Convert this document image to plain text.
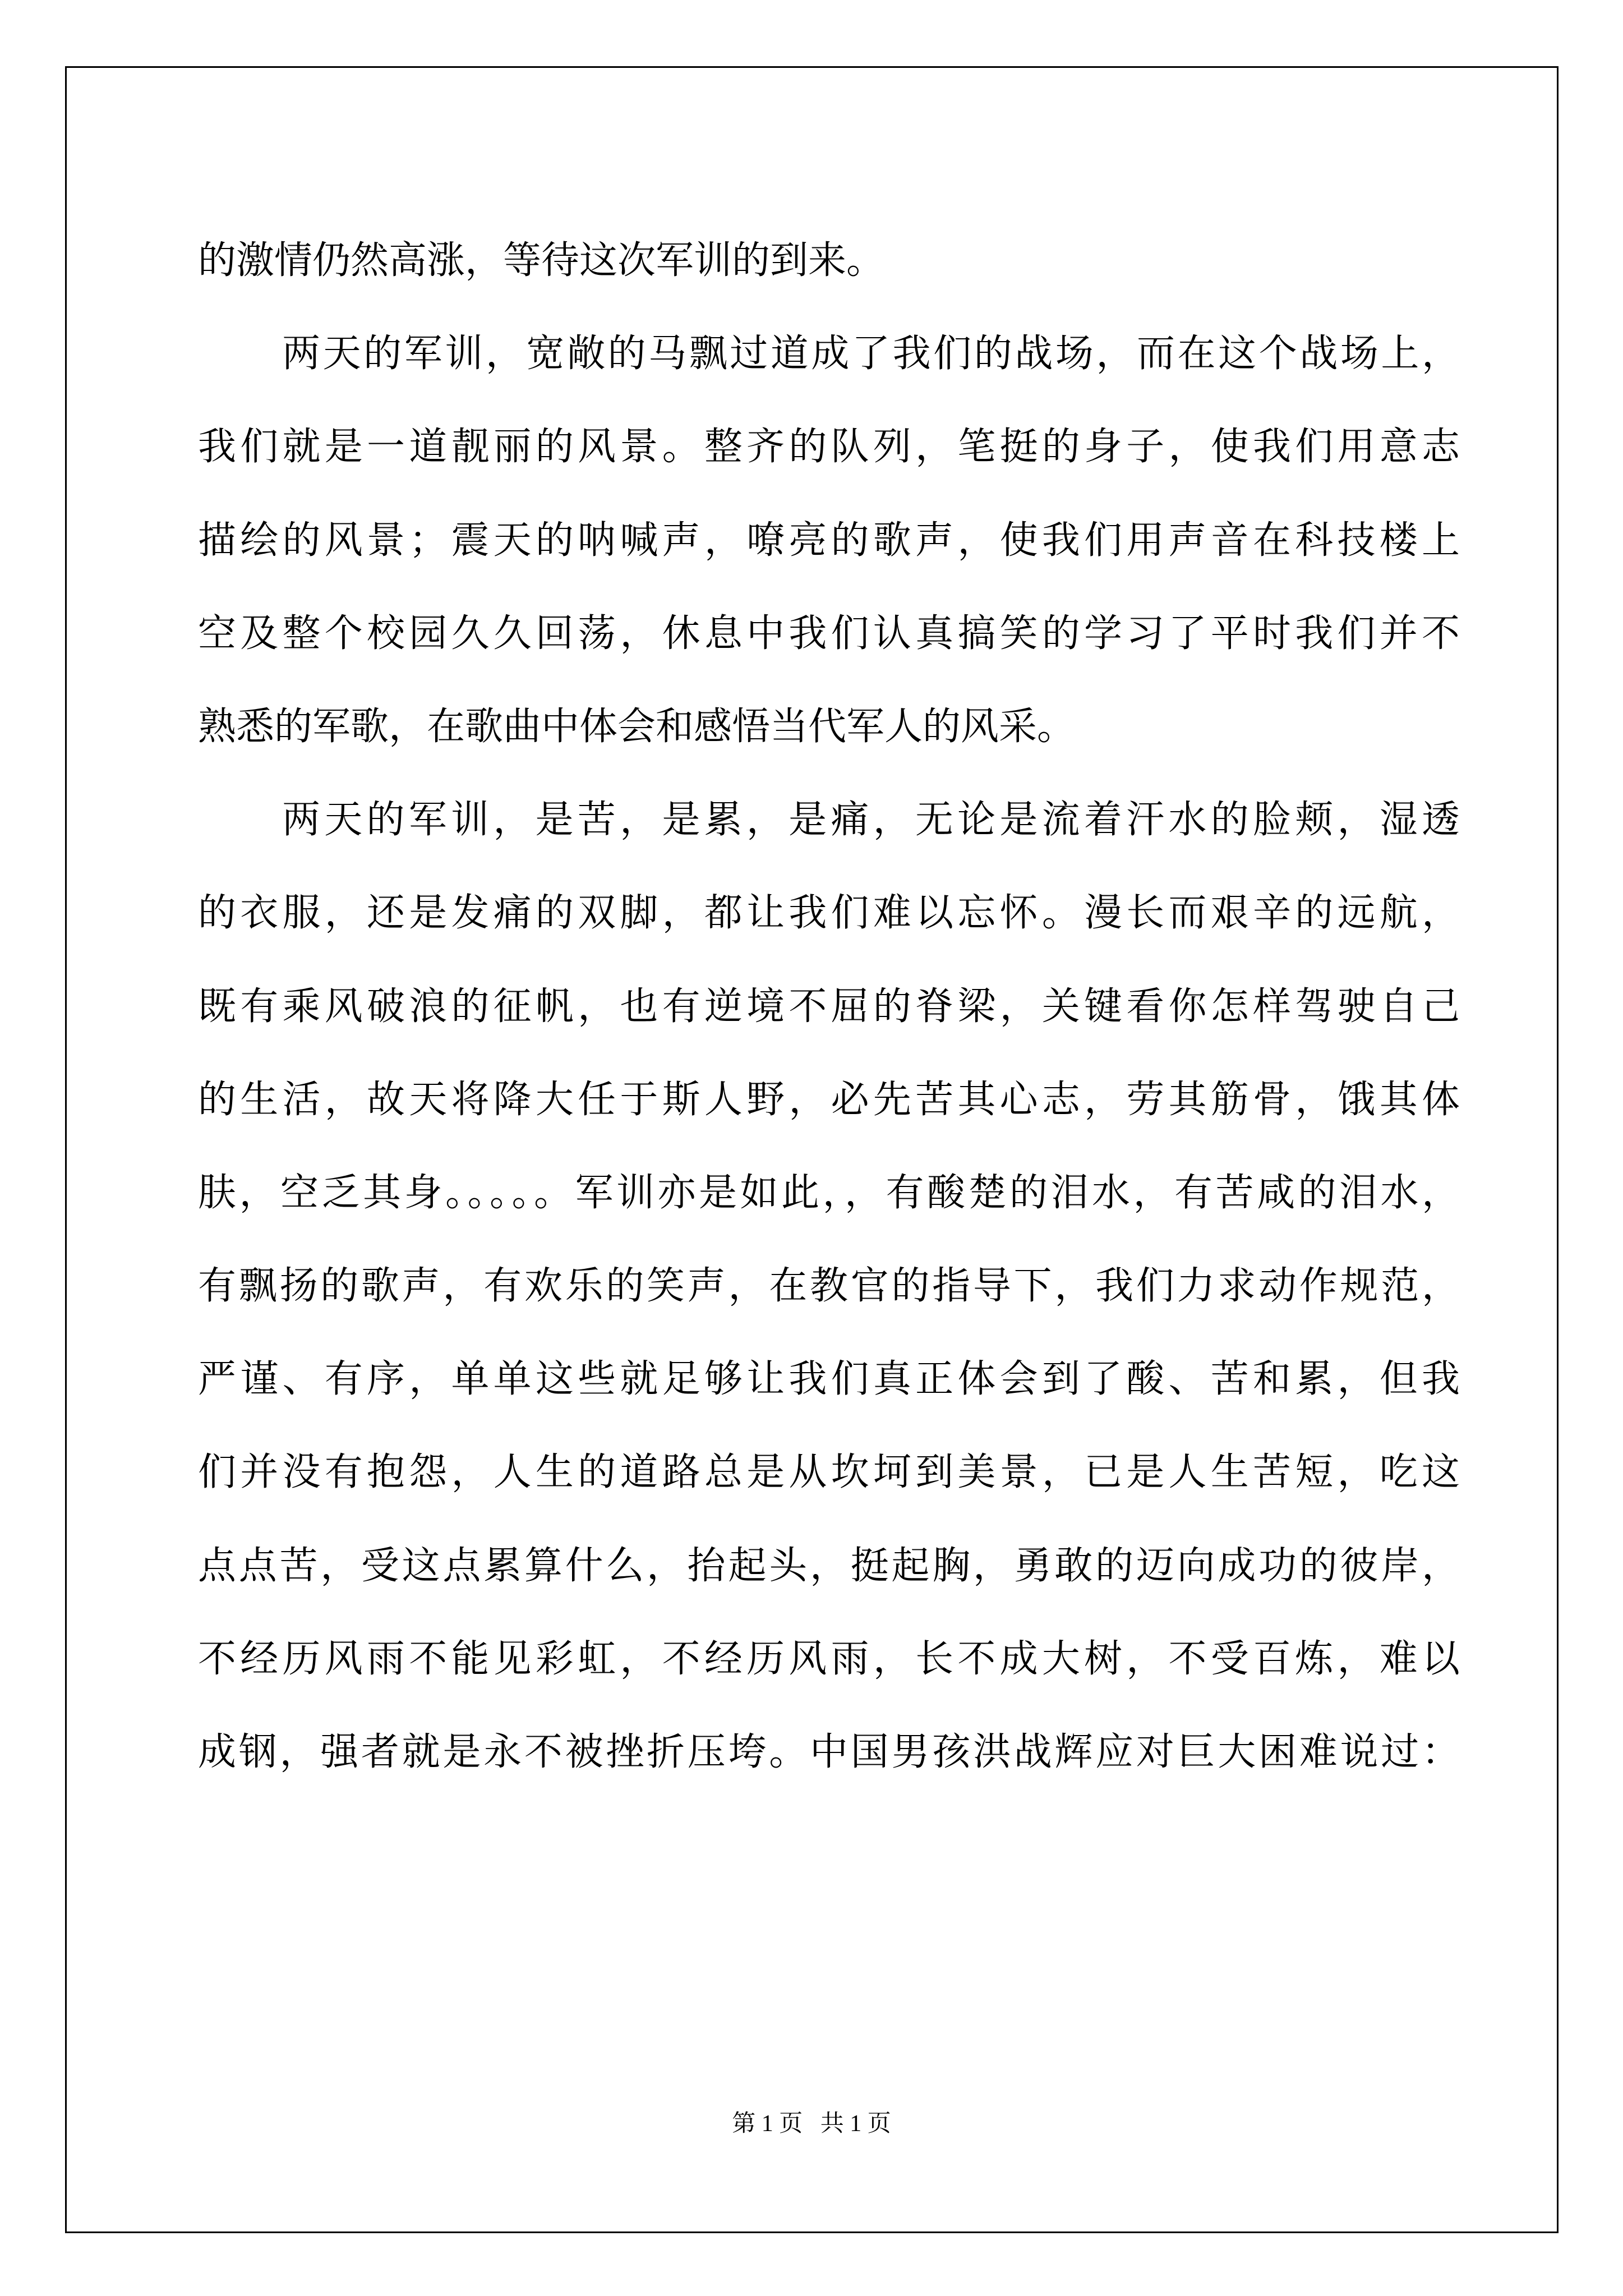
的激情仍然高涨，等待这次军训的到来。
两天的军训，宽敞的马飘过道成了我们的战场，而在这个战场上，
我们就是一道靓丽的风景。整齐的队列，笔挺的身子，使我们用意志
描绘的风景；震天的呐喊声，嘹亮的歌声，使我们用声音在科技楼上
空及整个校园久久回荡，休息中我们认真搞笑的学习了平时我们并不
熟悉的军歌，在歌曲中体会和感悟当代军人的风采。
两天的军训，是苦，是累，是痛，无论是流着汗水的脸颊，湿透
的衣服，还是发痛的双脚，都让我们难以忘怀。漫长而艰辛的远航，
既有乘风破浪的征帆，也有逆境不屈的脊梁，关键看你怎样驾驶自己
的生活，故天将降大任于斯人野，必先苦其心志，劳其筋骨，饿其体
肤，空乏其身。。。。。军训亦是如此，，有酸楚的泪水，有苦咸的泪水，
有飘扬的歌声，有欢乐的笑声，在教官的指导下，我们力求动作规范，
严谨、有序，单单这些就足够让我们真正体会到了酸、苦和累，但我
们并没有抱怨，人生的道路总是从坎坷到美景，已是人生苦短，吃这
点点苦，受这点累算什么，抬起头，挺起胸，勇敢的迈向成功的彼岸，
不经历风雨不能见彩虹，不经历风雨，长不成大树，不受百炼，难以
成钢，强者就是永不被挫折压垮。中国男孩洪战辉应对巨大困难说过：
第 1 页   共 1 页
